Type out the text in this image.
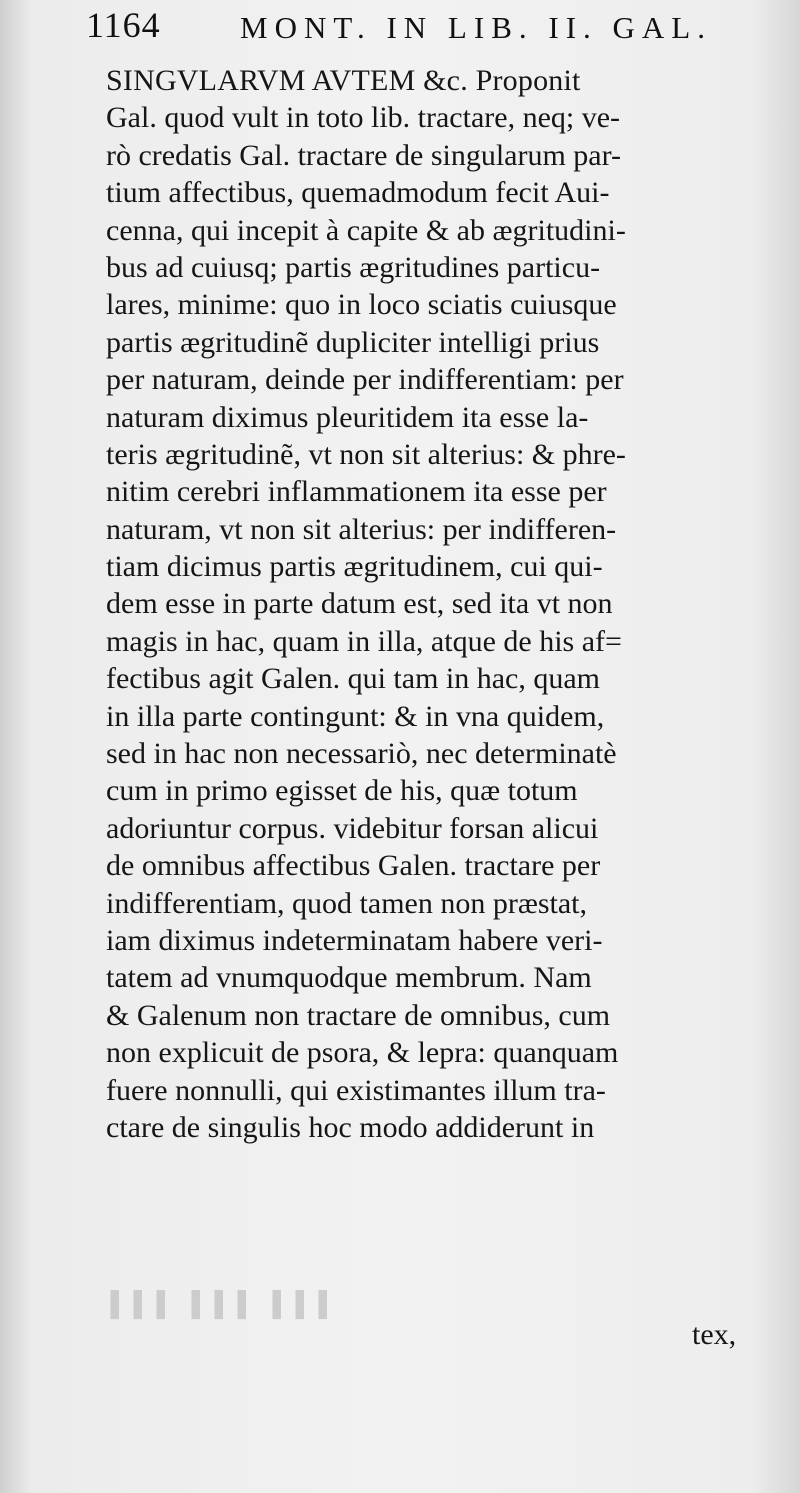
1164	MONT. IN LIB. II. GAL.
▌▌▌ ▌▌▌ ▌▌▌
SINGVLARVM AVTEM &c. Proponit
Gal. quod vult in toto lib. tractare, neq; ve-
rò credatis Gal. tractare de singularum par-
tium affectibus, quemadmodum fecit Aui-
cenna, qui incepit à capite & ab ægritudini-
bus ad cuiusq; partis ægritudines particu-
lares, minime: quo in loco sciatis cuiusque
partis ægritudinẽ dupliciter intelligi prius
per naturam, deinde per indifferentiam: per
naturam diximus pleuritidem ita esse la-
teris ægritudinẽ, vt non sit alterius: & phre-
nitim cerebri inflammationem ita esse per
naturam, vt non sit alterius: per indifferen-
tiam dicimus partis ægritudinem, cui qui-
dem esse in parte datum est, sed ita vt non
magis in hac, quam in illa, atque de his af=
fectibus agit Galen. qui tam in hac, quam
in illa parte contingunt: & in vna quidem,
sed in hac non necessariò, nec determinatè
cum in primo egisset de his, quæ totum
adoriuntur corpus. videbitur forsan alicui
de omnibus affectibus Galen. tractare per
indifferentiam, quod tamen non præstat,
iam diximus indeterminatam habere veri-
tatem ad vnumquodque membrum. Nam
& Galenum non tractare de omnibus, cum
non explicuit de psora, & lepra: quanquam
fuere nonnulli, qui existimantes illum tra-
ctare de singulis hoc modo addiderunt in
tex,
